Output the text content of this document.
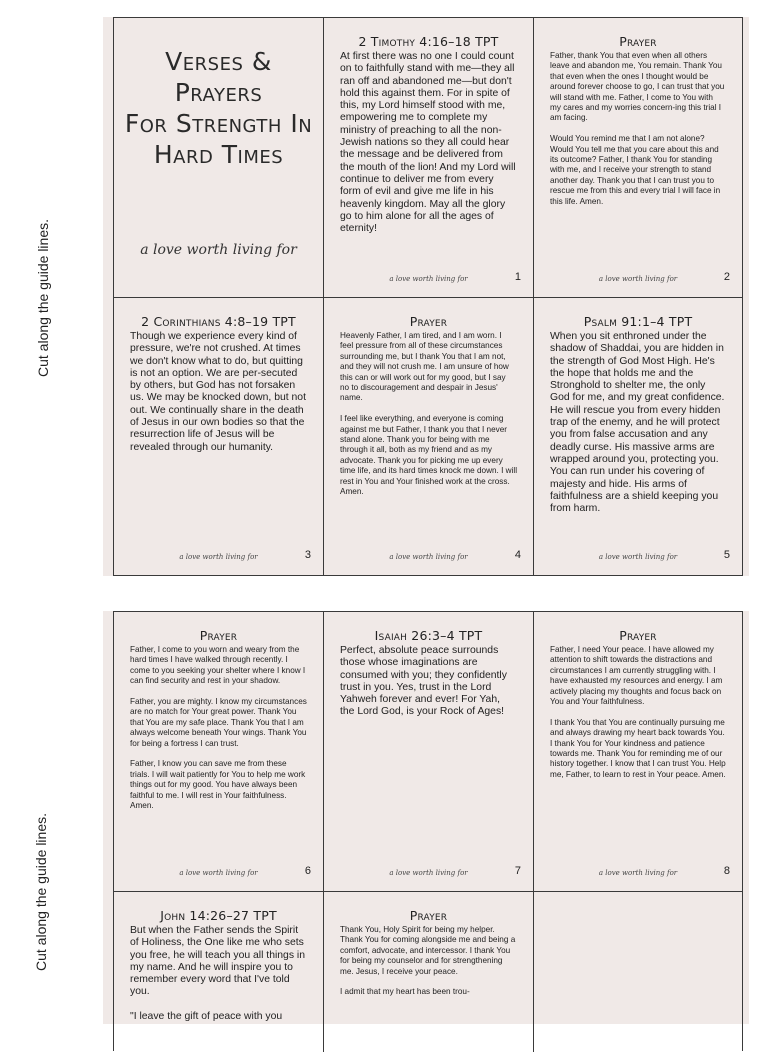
Cut along the guide lines.
Cut along the guide lines.
Verses &
Prayers
For Strength In
Hard Times
a love worth living for
2 Timothy 4:16–18 TPT
At first there was no one I could count on to faithfully stand with me—they all ran off and abandoned me—but don't hold this against them. For in spite of this, my Lord himself stood with me, empowering me to complete my ministry of preaching to all the non-Jewish nations so they all could hear the message and be delivered from the mouth of the lion! And my Lord will continue to deliver me from every form of evil and give me life in his heavenly kingdom. May all the glory go to him alone for all the ages of eternity!
a love worth living for	1
Prayer
Father, thank You that even when all others leave and abandon me, You remain. Thank You that even when the ones I thought would be around forever choose to go, I can trust that you will stand with me. Father, I come to You with my cares and my worries concern-ing this trial I am facing.

Would You remind me that I am not alone? Would You tell me that you care about this and its outcome? Father, I thank You for standing with me, and I receive your strength to stand another day. Thank you that I can trust you to rescue me from this and every trial I will face in this life. Amen.
a love worth living for	2
2 Corinthians 4:8–19 TPT
Though we experience every kind of pressure, we're not crushed. At times we don't know what to do, but quitting is not an option. We are per-secuted by others, but God has not forsaken us. We may be knocked down, but not out. We continually share in the death of Jesus in our own bodies so that the resurrection life of Jesus will be revealed through our humanity.
a love worth living for	3
Prayer
Heavenly Father, I am tired, and I am worn. I feel pressure from all of these circumstances surrounding me, but I thank You that I am not, and they will not crush me. I am unsure of how this can or will work out for my good, but I say no to discouragement and despair in Jesus' name.

I feel like everything, and everyone is coming against me but Father, I thank you that I never stand alone. Thank you for being with me through it all, both as my friend and as my advocate. Thank you for picking me up every time life, and its hard times knock me down. I will rest in You and Your finished work at the cross. Amen.
a love worth living for	4
Psalm 91:1–4 TPT
When you sit enthroned under the shadow of Shaddai, you are hidden in the strength of God Most High. He's the hope that holds me and the Stronghold to shelter me, the only God for me, and my great confidence. He will rescue you from every hidden trap of the enemy, and he will protect you from false accusation and any deadly curse. His massive arms are wrapped around you, protecting you. You can run under his covering of majesty and hide. His arms of faithfulness are a shield keeping you from harm.
a love worth living for	5
Prayer
Father, I come to you worn and weary from the hard times I have walked through recently. I come to you seeking your shelter where I know I can find security and rest in your shadow.

Father, you are mighty. I know my circumstances are no match for Your great power. Thank You that You are my safe place. Thank You that I am always welcome beneath Your wings. Thank You for being a fortress I can trust.

Father, I know you can save me from these trials. I will wait patiently for You to help me work things out for my good. You have always been faithful to me. I will rest in Your faithfulness. Amen.
a love worth living for	6
Isaiah 26:3–4 TPT
Perfect, absolute peace surrounds those whose imaginations are consumed with you; they confidently trust in you. Yes, trust in the Lord Yahweh forever and ever! For Yah, the Lord God, is your Rock of Ages!
a love worth living for	7
Prayer
Father, I need Your peace. I have allowed my attention to shift towards the distractions and circumstances I am currently struggling with. I have exhausted my resources and energy. I am actively placing my thoughts and focus back on You and Your faithfulness.

I thank You that You are continually pursuing me and always drawing my heart back towards You. I thank You for Your kindness and patience towards me. Thank You for reminding me of our history together. I know that I can trust You. Help me, Father, to learn to rest in Your peace. Amen.
a love worth living for	8
John 14:26–27 TPT
But when the Father sends the Spirit of Holiness, the One like me who sets you free, he will teach you all things in my name. And he will inspire you to remember every word that I've told you.

"I leave the gift of peace with you
Prayer
Thank You, Holy Spirit for being my helper. Thank You for coming alongside me and being a comfort, advocate, and intercessor. I thank You for being my counselor and for strengthening me. Jesus, I receive your peace.

I admit that my heart has been trou-
